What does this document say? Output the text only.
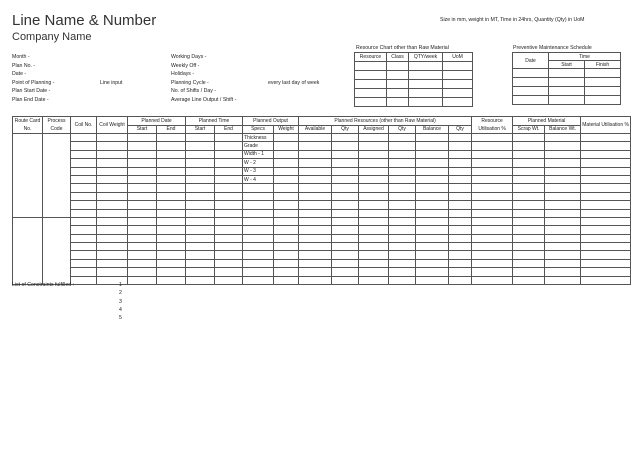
Line Name & Number
Company Name
Size in mm, weight in MT, Time in 24hrs, Quantity (Qty) in UoM
Month -
Plan No. -
Date -
Point of Planning -
Plan Start Date -
Plan End Date -
Line input
Working Days -
Weekly Off -
Holidays -
Planning Cycle -
No. of Shifts / Day -
Average Line Output / Shift -
every last day of week
Resource Chart other than Raw Material
Resource	Class	QTY/week	UoM

Preventive Maintenance Schedule
Date	Time	
	Start	Finish

Route Card No.	Process Code	Coil No.	Coil Weight	Planned Date		Planned Time		Planned Output		Planned Resources (other than Raw Material)						Resource Utilisation %	Planned Material		Material Utilisation %
				Start	End	Start	End	Specs	Weight	Available	Qty	Assigned	Qty	Balance	Qty		Scrap Wt.	Balance Wt.	
								Thickness											
								Grade											
								Width - 1											
								W - 2											
								W - 3											
								W - 4											

List of Constraints fulfilled :	1
2
3
4
5
